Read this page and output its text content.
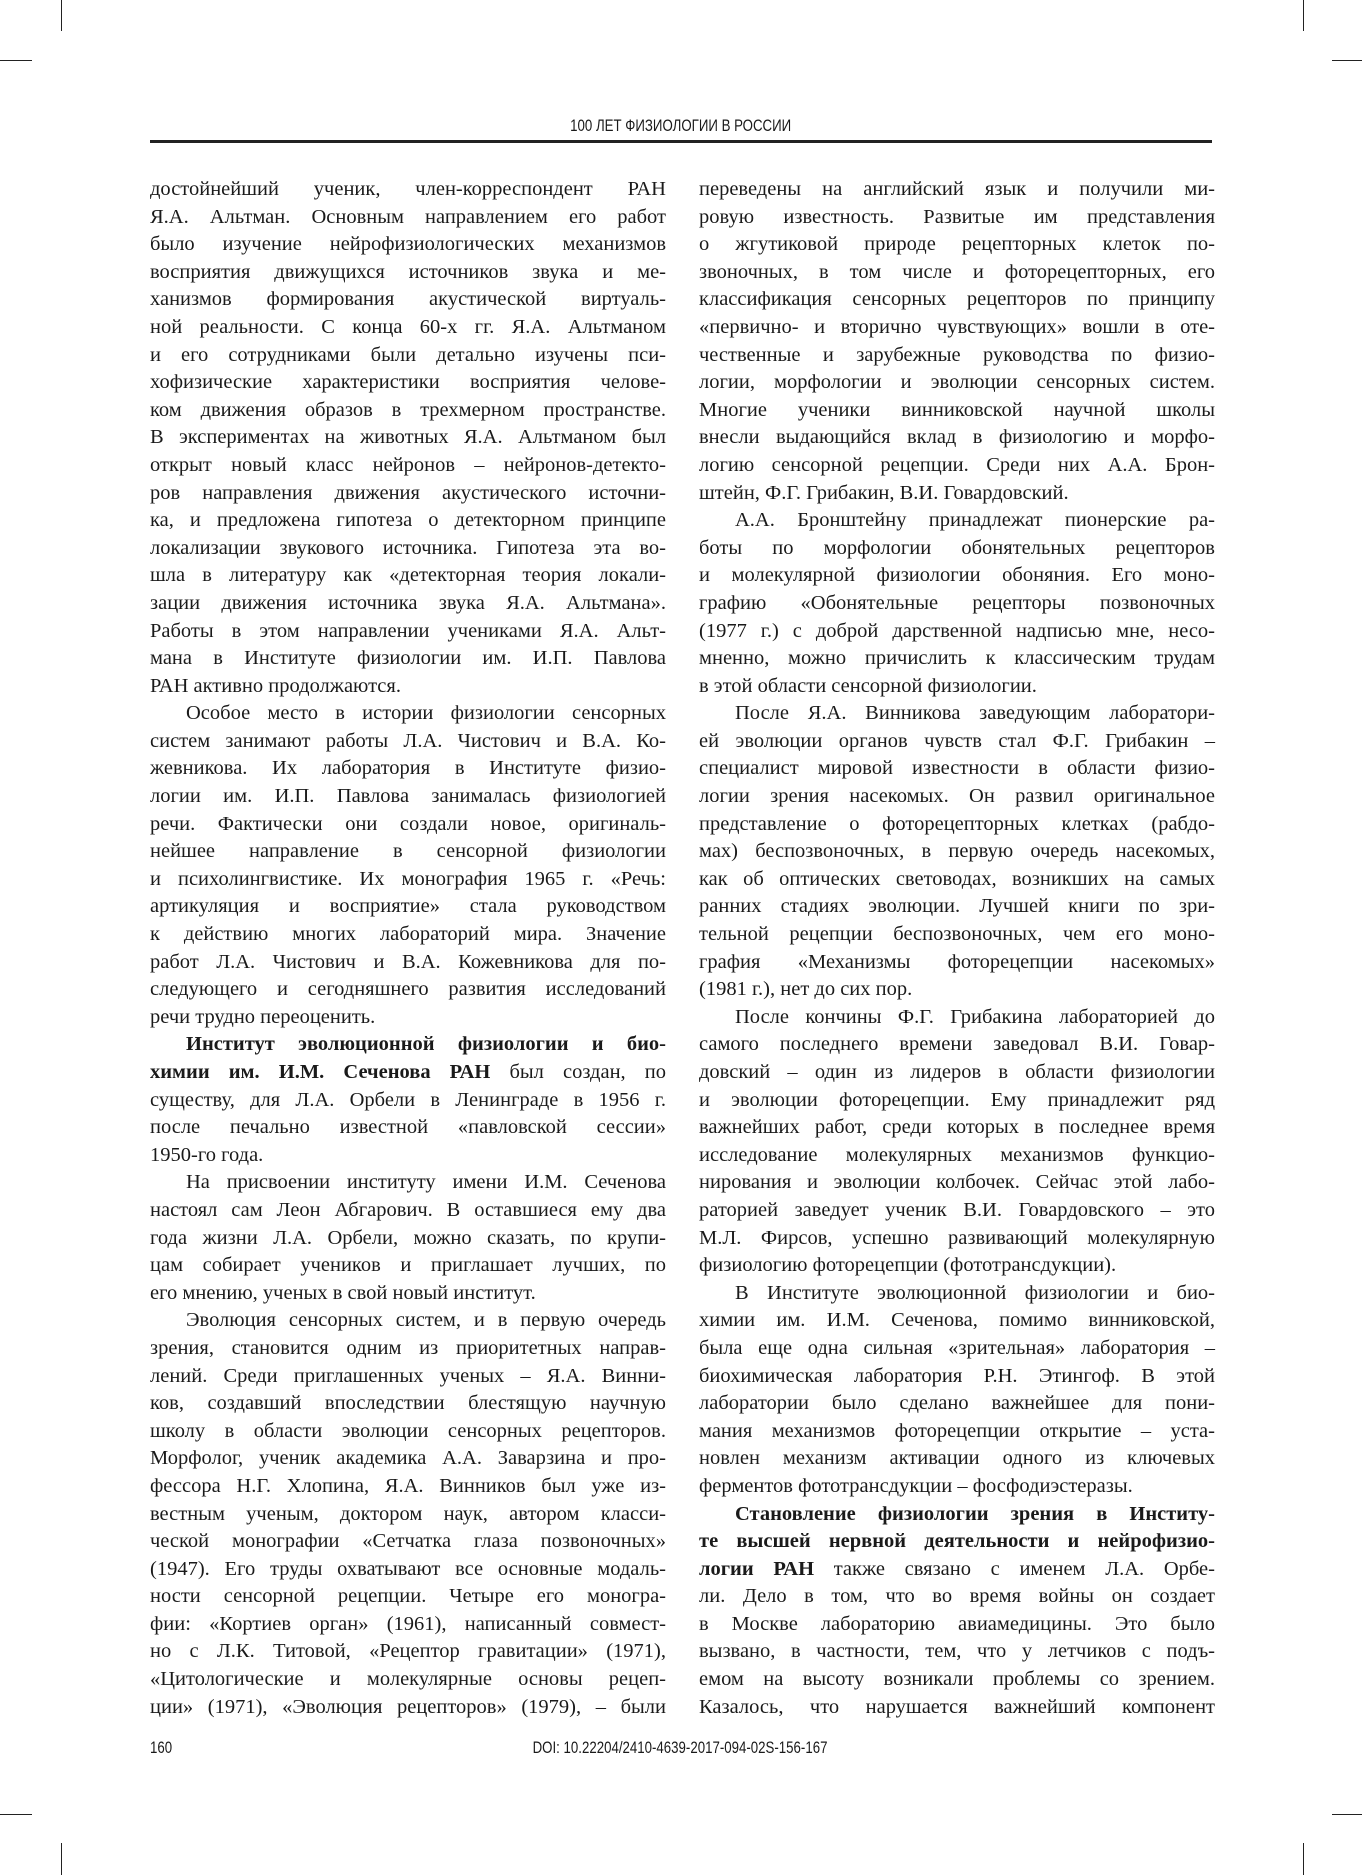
100 ЛЕТ ФИЗИОЛОГИИ В РОССИИ
достойнейший ученик, член-корреспондент РАН
Я.А. Альтман. Основным направлением его работ
было изучение нейрофизиологических механизмов
восприятия движущихся источников звука и ме-
ханизмов формирования акустической виртуаль-
ной реальности. С конца 60-х гг. Я.А. Альтманом
и его сотрудниками были детально изучены пси-
хофизические характеристики восприятия челове-
ком движения образов в трехмерном пространстве.
В экспериментах на животных Я.А. Альтманом был
открыт новый класс нейронов – нейронов-детекто-
ров направления движения акустического источни-
ка, и предложена гипотеза о детекторном принципе
локализации звукового источника. Гипотеза эта во-
шла в литературу как «детекторная теория локали-
зации движения источника звука Я.А. Альтмана».
Работы в этом направлении учениками Я.А. Альт-
мана в Институте физиологии им. И.П. Павлова
РАН активно продолжаются.
Особое место в истории физиологии сенсорных
систем занимают работы Л.А. Чистович и В.А. Ко-
жевникова. Их лаборатория в Институте физио-
логии им. И.П. Павлова занималась физиологией
речи. Фактически они создали новое, оригиналь-
нейшее направление в сенсорной физиологии
и психолингвистике. Их монография 1965 г. «Речь:
артикуляция и восприятие» стала руководством
к действию многих лабораторий мира. Значение
работ Л.А. Чистович и В.А. Кожевникова для по-
следующего и сегодняшнего развития исследований
речи трудно переоценить.
Институт эволюционной физиологии и био-
химии им. И.М. Сеченова РАН был создан, по
существу, для Л.А. Орбели в Ленинграде в 1956 г.
после печально известной «павловской сессии»
1950-го года.
На присвоении институту имени И.М. Сеченова
настоял сам Леон Абгарович. В оставшиеся ему два
года жизни Л.А. Орбели, можно сказать, по крупи-
цам собирает учеников и приглашает лучших, по
его мнению, ученых в свой новый институт.
Эволюция сенсорных систем, и в первую очередь
зрения, становится одним из приоритетных направ-
лений. Среди приглашенных ученых – Я.А. Винни-
ков, создавший впоследствии блестящую научную
школу в области эволюции сенсорных рецепторов.
Морфолог, ученик академика А.А. Заварзина и про-
фессора Н.Г. Хлопина, Я.А. Винников был уже из-
вестным ученым, доктором наук, автором класси-
ческой монографии «Сетчатка глаза позвоночных»
(1947). Его труды охватывают все основные модаль-
ности сенсорной рецепции. Четыре его моногра-
фии: «Кортиев орган» (1961), написанный совмест-
но с Л.К. Титовой, «Рецептор гравитации» (1971),
«Цитологические и молекулярные основы рецеп-
ции» (1971), «Эволюция рецепторов» (1979), – были
переведены на английский язык и получили ми-
ровую известность. Развитые им представления
о жгутиковой природе рецепторных клеток по-
звоночных, в том числе и фоторецепторных, его
классификация сенсорных рецепторов по принципу
«первично- и вторично чувствующих» вошли в оте-
чественные и зарубежные руководства по физио-
логии, морфологии и эволюции сенсорных систем.
Многие ученики винниковской научной школы
внесли выдающийся вклад в физиологию и морфо-
логию сенсорной рецепции. Среди них А.А. Брон-
штейн, Ф.Г. Грибакин, В.И. Говардовский.
А.А. Бронштейну принадлежат пионерские ра-
боты по морфологии обонятельных рецепторов
и молекулярной физиологии обоняния. Его моно-
графию «Обонятельные рецепторы позвоночных
(1977 г.) с доброй дарственной надписью мне, несо-
мненно, можно причислить к классическим трудам
в этой области сенсорной физиологии.
После Я.А. Винникова заведующим лаборатори-
ей эволюции органов чувств стал Ф.Г. Грибакин –
специалист мировой известности в области физио-
логии зрения насекомых. Он развил оригинальное
представление о фоторецепторных клетках (рабдо-
мах) беспозвоночных, в первую очередь насекомых,
как об оптических световодах, возникших на самых
ранних стадиях эволюции. Лучшей книги по зри-
тельной рецепции беспозвоночных, чем его моно-
графия «Механизмы фоторецепции насекомых»
(1981 г.), нет до сих пор.
После кончины Ф.Г. Грибакина лабораторией до
самого последнего времени заведовал В.И. Говар-
довский – один из лидеров в области физиологии
и эволюции фоторецепции. Ему принадлежит ряд
важнейших работ, среди которых в последнее время
исследование молекулярных механизмов функцио-
нирования и эволюции колбочек. Сейчас этой лабо-
раторией заведует ученик В.И. Говардовского – это
М.Л. Фирсов, успешно развивающий молекулярную
физиологию фоторецепции (фототрансдукции).
В Институте эволюционной физиологии и био-
химии им. И.М. Сеченова, помимо винниковской,
была еще одна сильная «зрительная» лаборатория –
биохимическая лаборатория Р.Н. Этингоф. В этой
лаборатории было сделано важнейшее для пони-
мания механизмов фоторецепции открытие – уста-
новлен механизм активации одного из ключевых
ферментов фототрансдукции – фосфодиэстеразы.
Становление физиологии зрения в Институ-
те высшей нервной деятельности и нейрофизио-
логии РАН также связано с именем Л.А. Орбе-
ли. Дело в том, что во время войны он создает
в Москве лабораторию авиамедицины. Это было
вызвано, в частности, тем, что у летчиков с подъ-
емом на высоту возникали проблемы со зрением.
Казалось, что нарушается важнейший компонент
160	DOI: 10.22204/2410-4639-2017-094-02S-156-167
